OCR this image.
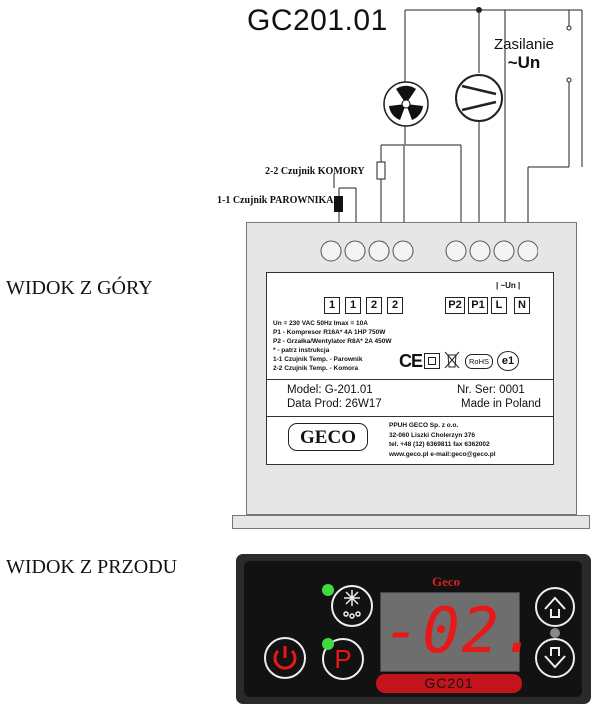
GC201.01
Zasilanie
~Un
2-2 Czujnik KOMORY
1-1 Czujnik PAROWNIKA
WIDOK Z GÓRY
WIDOK Z PRZODU
1	1	2	2	P2 P1 L	N
| ~Un |
Un = 230 VAC 50Hz Imax = 10A
P1 - Kompresor R16A* 4A 1HP 750W
P2 - Grzałka/Wentylator R8A* 2A 450W
* - patrz instrukcja
1-1 Czujnik Temp. - Parownik
2-2 Czujnik Temp. - Komora CE	RoHS	e1
Model: G-201.01	Nr. Ser: 0001
Data Prod: 26W17	Made in Poland
GECO
PPUH GECO Sp. z o.o.
32-060 Liszki Cholerzyn 376
tel. +48 (12) 6369811 fax 6362002
www.geco.pl e-mail:geco@geco.pl
Geco
-02.
GC201
P
